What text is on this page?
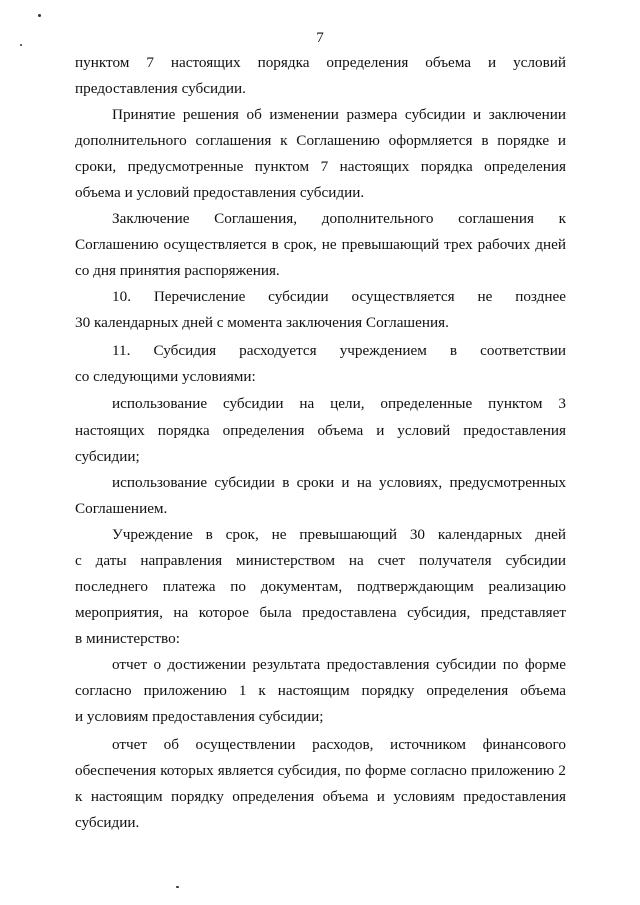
7
пунктом 7 настоящих порядка определения объема и условий
предоставления субсидии.
Принятие решения об изменении размера субсидии и заключении
дополнительного соглашения к Соглашению оформляется в порядке и
сроки, предусмотренные пунктом 7 настоящих порядка определения
объема и условий предоставления субсидии.
Заключение Соглашения, дополнительного соглашения к
Соглашению осуществляется в срок, не превышающий трех рабочих дней
со дня принятия распоряжения.
10. Перечисление субсидии осуществляется не позднее
30 календарных дней с момента заключения Соглашения.
11. Субсидия расходуется учреждением в соответствии
со следующими условиями:
использование субсидии на цели, определенные пунктом 3
настоящих порядка определения объема и условий предоставления
субсидии;
использование субсидии в сроки и на условиях, предусмотренных
Соглашением.
Учреждение в срок, не превышающий 30 календарных дней
с даты направления министерством на счет получателя субсидии
последнего платежа по документам, подтверждающим реализацию
мероприятия, на которое была предоставлена субсидия, представляет
в министерство:
отчет о достижении результата предоставления субсидии по форме
согласно приложению 1 к настоящим порядку определения объема
и условиям предоставления субсидии;
отчет об осуществлении расходов, источником финансового
обеспечения которых является субсидия, по форме согласно приложению 2
к настоящим порядку определения объема и условиям предоставления
субсидии.
